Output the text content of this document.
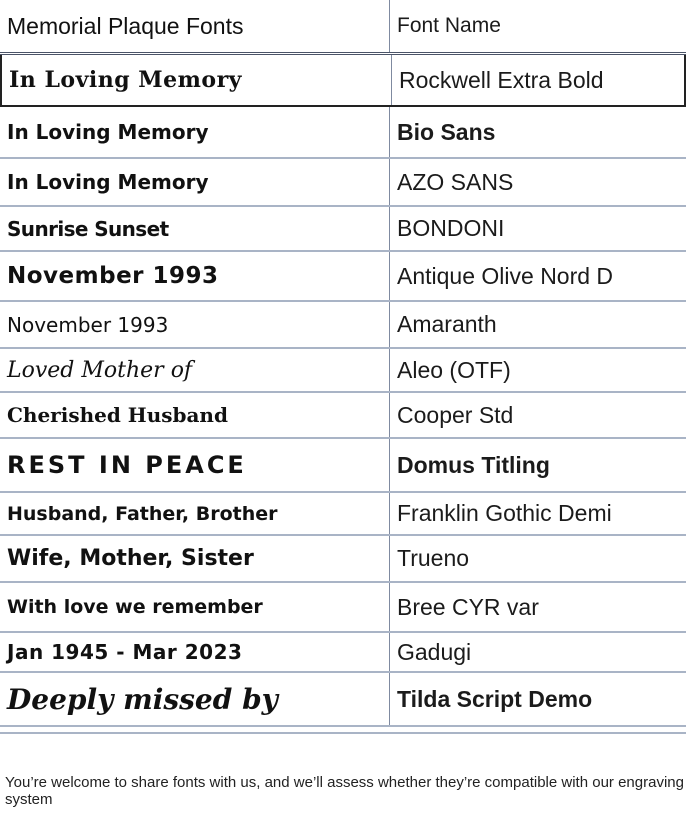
Memorial Plaque Fonts	Font Name
In Loving Memory	Rockwell Extra Bold
In Loving Memory	Bio Sans
In Loving Memory	AZO SANS
Sunrise Sunset	BONDONI
November 1993	Antique Olive Nord D
November 1993	Amaranth
Loved Mother of	Aleo (OTF)
Cherished Husband	Cooper Std
REST IN PEACE	Domus Titling
Husband, Father, Brother	Franklin Gothic Demi
Wife, Mother, Sister	Trueno
With love we remember	Bree CYR var
Jan 1945 - Mar 2023	Gadugi
Deeply missed by	Tilda Script Demo
You’re welcome to share fonts with us, and we’ll assess whether they’re compatible with our engraving system
